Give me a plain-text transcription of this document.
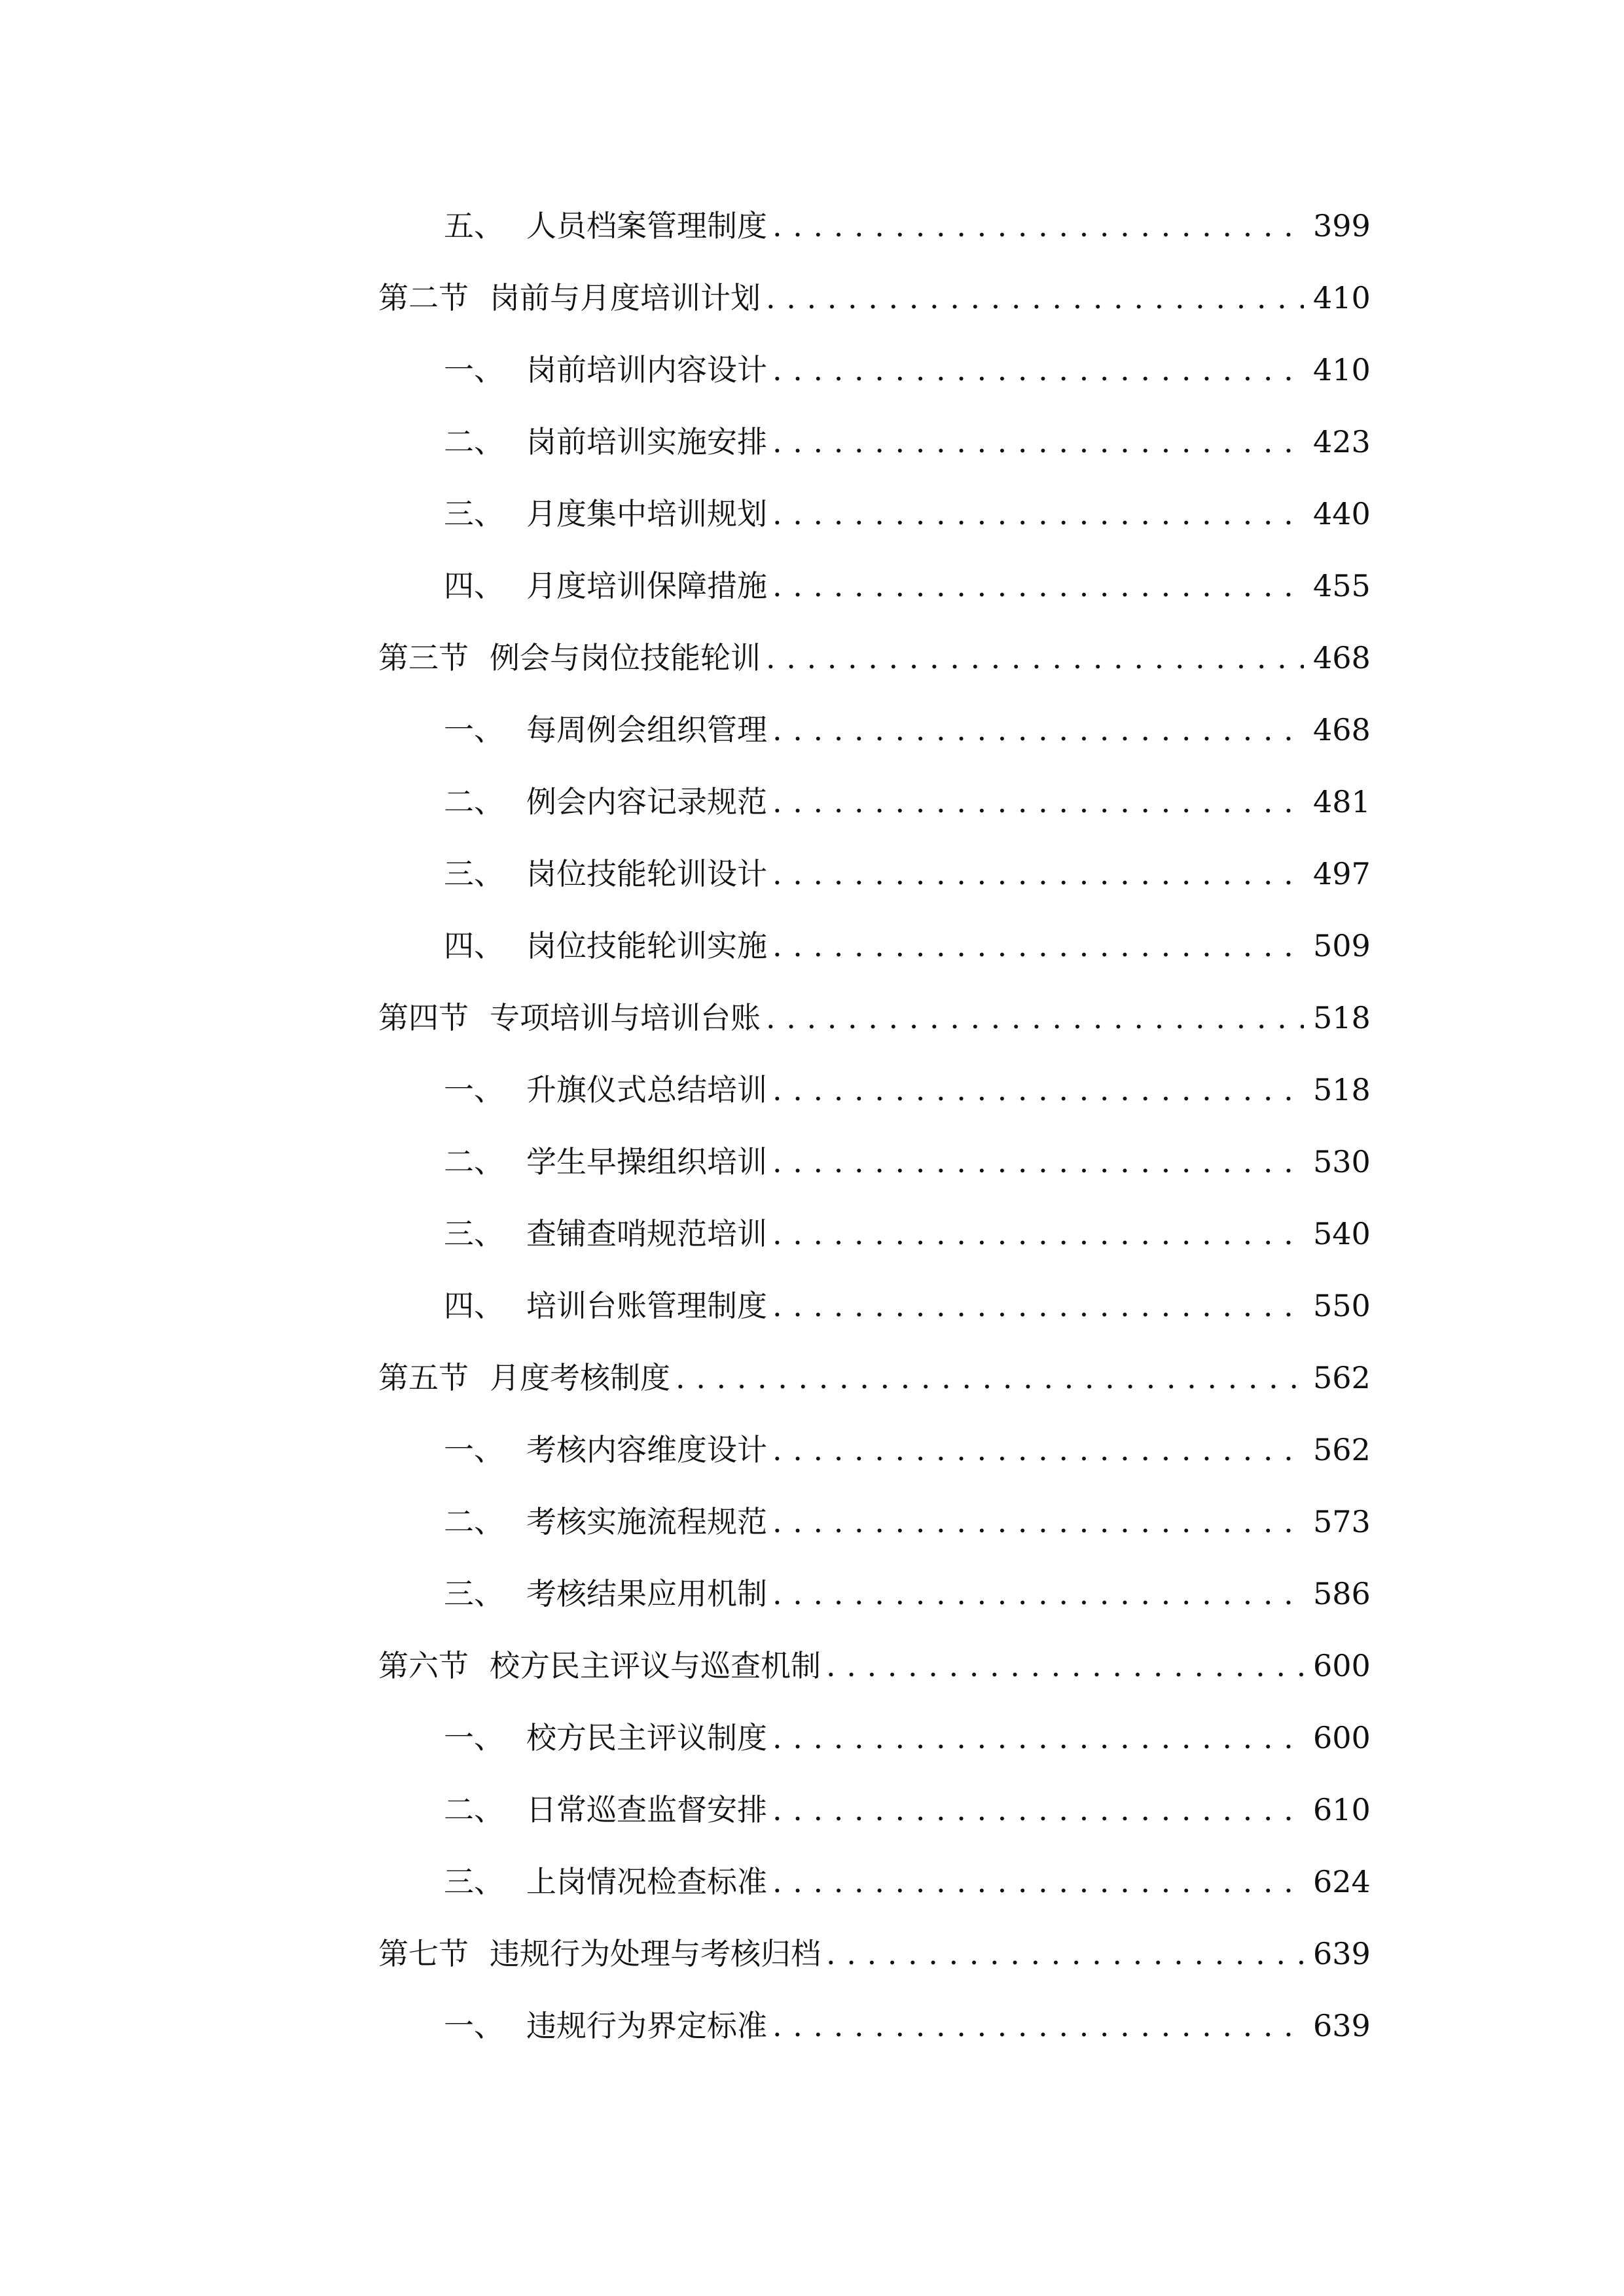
五、 人员档案管理制度 . . .	399
第二节 岗前与月度培训计划 . . .	410
一、 岗前培训内容设计 . . .	410
二、 岗前培训实施安排 . . .	423
三、 月度集中培训规划 . . .	440
四、 月度培训保障措施 . . .	455
第三节 例会与岗位技能轮训 . . .	468
一、 每周例会组织管理 . . .	468
二、 例会内容记录规范 . . .	481
三、 岗位技能轮训设计 . . .	497
四、 岗位技能轮训实施 . . .	509
第四节 专项培训与培训台账 . . .	518
一、 升旗仪式总结培训 . . .	518
二、 学生早操组织培训 . . .	530
三、 查铺查哨规范培训 . . .	540
四、 培训台账管理制度 . . .	550
第五节 月度考核制度 . . .	562
一、 考核内容维度设计 . . .	562
二、 考核实施流程规范 . . .	573
三、 考核结果应用机制 . . .	586
第六节 校方民主评议与巡查机制 . . .	600
一、 校方民主评议制度 . . .	600
二、 日常巡查监督安排 . . .	610
三、 上岗情况检查标准 . . .	624
第七节 违规行为处理与考核归档 . . .	639
一、 违规行为界定标准 . . .	639
